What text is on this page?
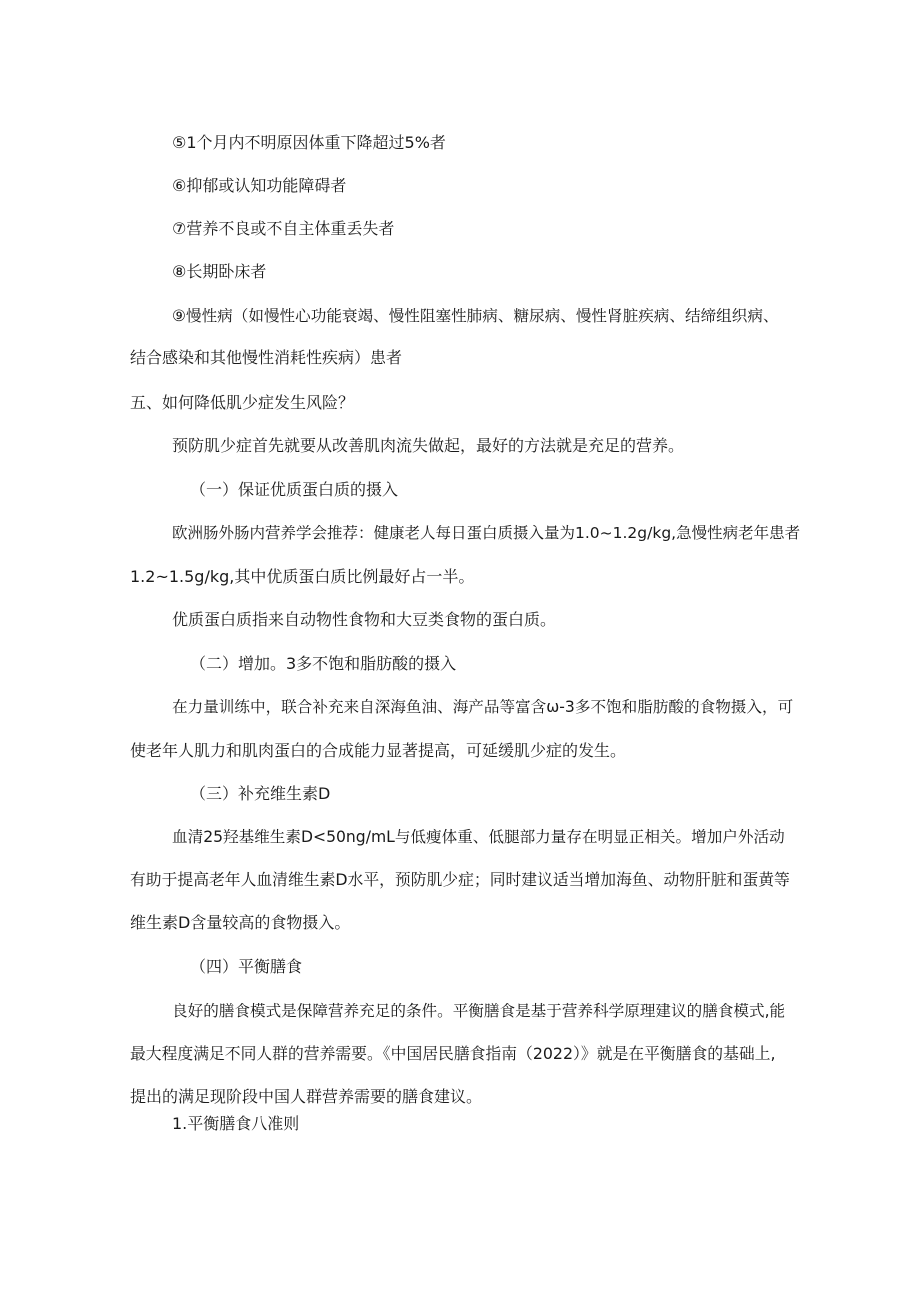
⑤1个月内不明原因体重下降超过5%者

⑥抑郁或认知功能障碍者

⑦营养不良或不自主体重丢失者

⑧长期卧床者

⑨慢性病（如慢性心功能衰竭、慢性阻塞性肺病、糖尿病、慢性肾脏疾病、结缔组织病、

结合感染和其他慢性消耗性疾病）患者

五、如何降低肌少症发生风险？

预防肌少症首先就要从改善肌肉流失做起，最好的方法就是充足的营养。

（一）保证优质蛋白质的摄入

欧洲肠外肠内营养学会推荐：健康老人每日蛋白质摄入量为1.0~1.2g/kg,急慢性病老年患者

1.2~1.5g/kg,其中优质蛋白质比例最好占一半。

优质蛋白质指来自动物性食物和大豆类食物的蛋白质。

（二）增加。3多不饱和脂肪酸的摄入

在力量训练中，联合补充来自深海鱼油、海产品等富含ω-3多不饱和脂肪酸的食物摄入，可

使老年人肌力和肌肉蛋白的合成能力显著提高，可延缓肌少症的发生。

（三）补充维生素D

血清25羟基维生素D<50ng/mL与低瘦体重、低腿部力量存在明显正相关。增加户外活动

有助于提高老年人血清维生素D水平，预防肌少症；同时建议适当增加海鱼、动物肝脏和蛋黄等

维生素D含量较高的食物摄入。

（四）平衡膳食

良好的膳食模式是保障营养充足的条件。平衡膳食是基于营养科学原理建议的膳食模式,能

最大程度满足不同人群的营养需要。《中国居民膳食指南（2022）》就是在平衡膳食的基础上,

提出的满足现阶段中国人群营养需要的膳食建议。

1.平衡膳食八准则
